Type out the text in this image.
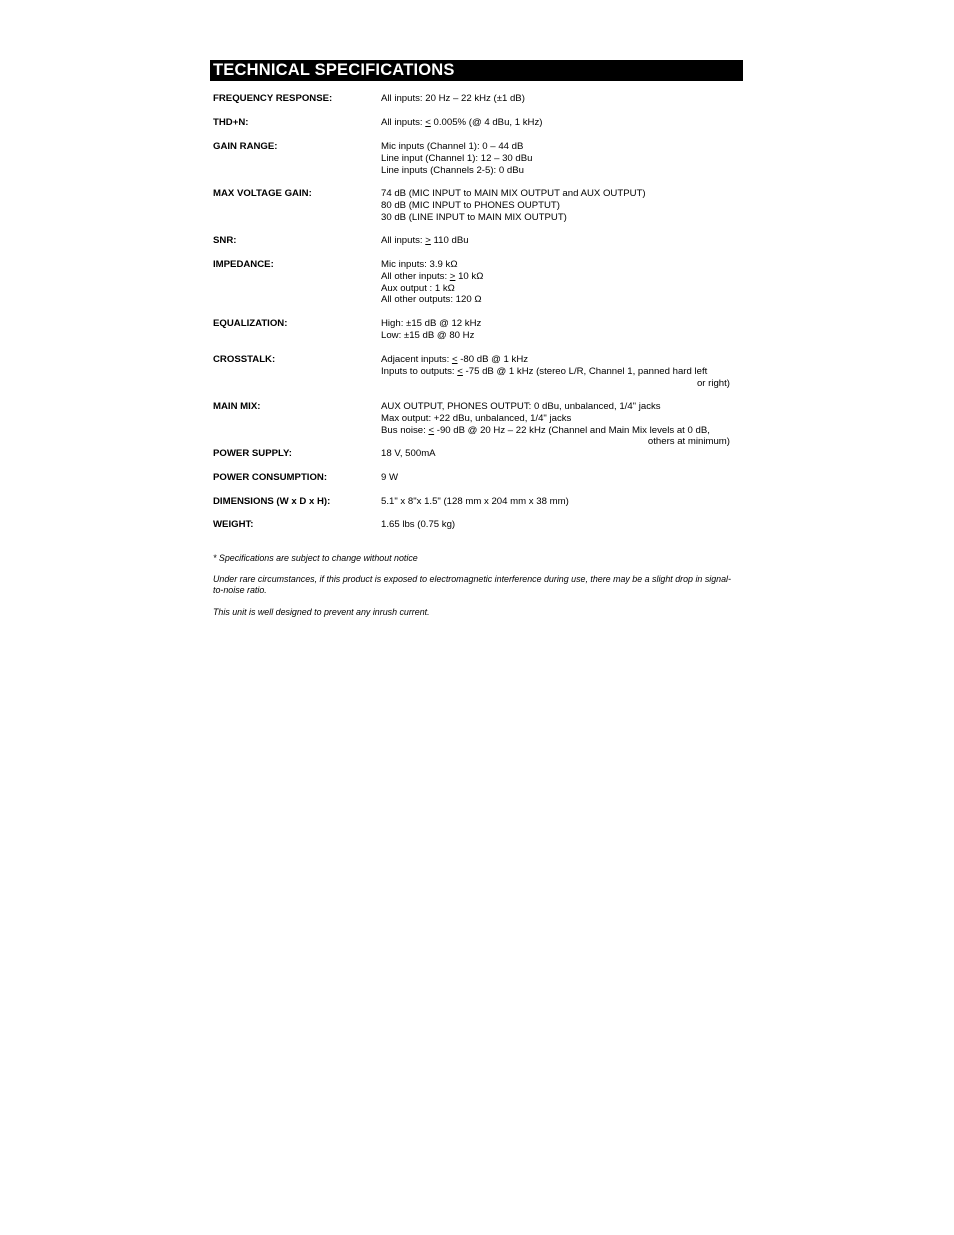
TECHNICAL SPECIFICATIONS
FREQUENCY RESPONSE:	All inputs: 20 Hz – 22 kHz (±1 dB)
THD+N:	All inputs: < 0.005% (@ 4 dBu, 1 kHz)
GAIN RANGE:	Mic inputs (Channel 1): 0 – 44 dB
Line input (Channel 1): 12 – 30 dBu
Line inputs (Channels 2-5): 0 dBu
MAX VOLTAGE GAIN:	74 dB (MIC INPUT to MAIN MIX OUTPUT and AUX OUTPUT)
80 dB (MIC INPUT to PHONES OUPTUT)
30 dB (LINE INPUT to MAIN MIX OUTPUT)
SNR:	All inputs: > 110 dBu
IMPEDANCE:	Mic inputs: 3.9 kΩ
All other inputs: > 10 kΩ
Aux output : 1 kΩ
All other outputs: 120 Ω
EQUALIZATION:	High: ±15 dB @ 12 kHz
Low: ±15 dB @ 80 Hz
CROSSTALK:	Adjacent inputs: < -80 dB @ 1 kHz
Inputs to outputs: < -75 dB @ 1 kHz (stereo L/R, Channel 1, panned hard left
or right)
MAIN MIX:	AUX OUTPUT, PHONES OUTPUT: 0 dBu, unbalanced, 1/4" jacks
Max output: +22 dBu, unbalanced, 1/4" jacks
Bus noise: < -90 dB @ 20 Hz – 22 kHz (Channel and Main Mix levels at 0 dB,
others at minimum)
POWER SUPPLY:	18 V, 500mA
POWER CONSUMPTION:	9 W
DIMENSIONS (W x D x H):	5.1" x 8"x 1.5" (128 mm x 204 mm x 38 mm)
WEIGHT:	1.65 lbs (0.75 kg)
* Specifications are subject to change without notice
Under rare circumstances, if this product is exposed to electromagnetic interference during use, there may be a slight drop in signal-to-noise ratio.
This unit is well designed to prevent any inrush current.
